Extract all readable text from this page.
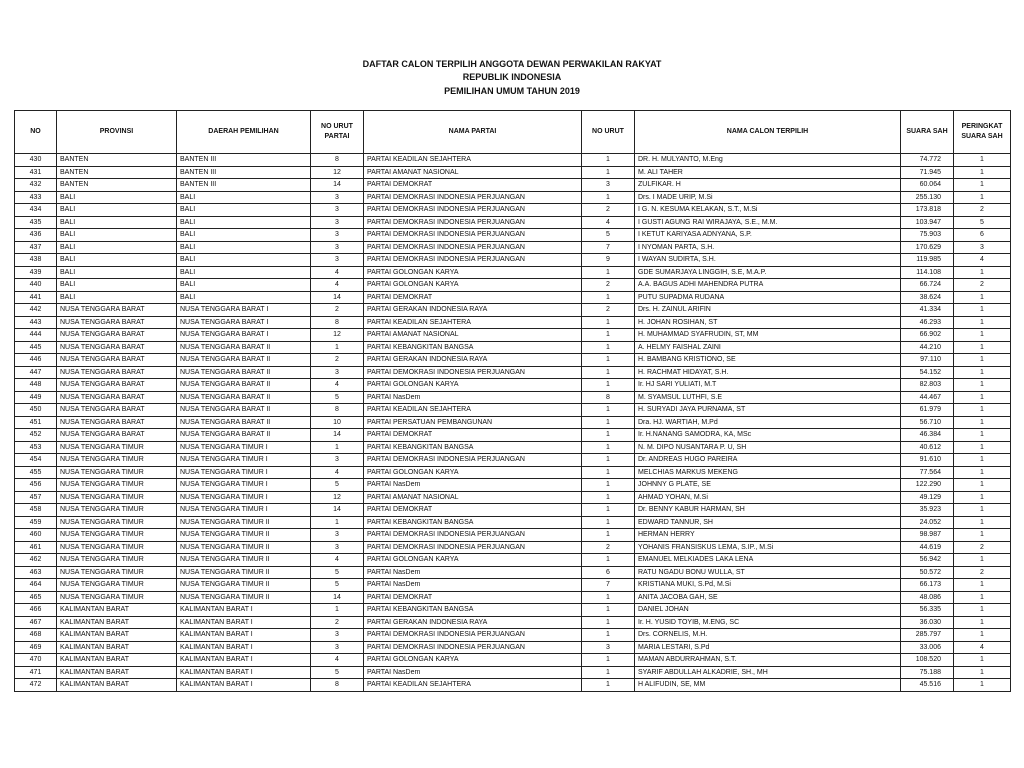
DAFTAR CALON TERPILIH ANGGOTA DEWAN PERWAKILAN RAKYAT
REPUBLIK INDONESIA
PEMILIHAN UMUM TAHUN 2019
NO	PROVINSI	DAERAH PEMILIHAN	NO URUT PARTAI	NAMA PARTAI	NO URUT	NAMA CALON TERPILIH	SUARA SAH	PERINGKAT SUARA SAH
430	BANTEN	BANTEN III	8	PARTAI KEADILAN SEJAHTERA	1	DR. H. MULYANTO, M.Eng	74.772	1
431	BANTEN	BANTEN III	12	PARTAI AMANAT NASIONAL	1	M. ALI TAHER	71.945	1
432	BANTEN	BANTEN III	14	PARTAI DEMOKRAT	3	ZULFIKAR. H	60.064	1
433	BALI	BALI	3	PARTAI DEMOKRASI INDONESIA PERJUANGAN	1	Drs. I MADE URIP, M.Si	255.130	1
434	BALI	BALI	3	PARTAI DEMOKRASI INDONESIA PERJUANGAN	2	I G. N. KESUMA KELAKAN, S.T., M.Si	173.818	2
435	BALI	BALI	3	PARTAI DEMOKRASI INDONESIA PERJUANGAN	4	I GUSTI AGUNG RAI WIRAJAYA, S.E., M.M.	103.947	5
436	BALI	BALI	3	PARTAI DEMOKRASI INDONESIA PERJUANGAN	5	I KETUT KARIYASA ADNYANA, S.P.	75.903	6
437	BALI	BALI	3	PARTAI DEMOKRASI INDONESIA PERJUANGAN	7	I NYOMAN PARTA, S.H.	170.629	3
438	BALI	BALI	3	PARTAI DEMOKRASI INDONESIA PERJUANGAN	9	I WAYAN SUDIRTA, S.H.	119.985	4
439	BALI	BALI	4	PARTAI GOLONGAN KARYA	1	GDE SUMARJAYA LINGGIH, S.E, M.A.P.	114.108	1
440	BALI	BALI	4	PARTAI GOLONGAN KARYA	2	A.A. BAGUS ADHI MAHENDRA PUTRA	66.724	2
441	BALI	BALI	14	PARTAI DEMOKRAT	1	PUTU SUPADMA RUDANA	38.624	1
442	NUSA TENGGARA BARAT	NUSA TENGGARA BARAT I	2	PARTAI GERAKAN INDONESIA RAYA	2	Drs. H. ZAINUL ARIFIN	41.334	1
443	NUSA TENGGARA BARAT	NUSA TENGGARA BARAT I	8	PARTAI KEADILAN SEJAHTERA	1	H. JOHAN ROSIHAN, ST	46.293	1
444	NUSA TENGGARA BARAT	NUSA TENGGARA BARAT I	12	PARTAI AMANAT NASIONAL	1	H. MUHAMMAD SYAFRUDIN, ST, MM	66.902	1
445	NUSA TENGGARA BARAT	NUSA TENGGARA BARAT II	1	PARTAI KEBANGKITAN BANGSA	1	A. HELMY FAISHAL ZAINI	44.210	1
446	NUSA TENGGARA BARAT	NUSA TENGGARA BARAT II	2	PARTAI GERAKAN INDONESIA RAYA	1	H. BAMBANG KRISTIONO, SE	97.110	1
447	NUSA TENGGARA BARAT	NUSA TENGGARA BARAT II	3	PARTAI DEMOKRASI INDONESIA PERJUANGAN	1	H. RACHMAT HIDAYAT, S.H.	54.152	1
448	NUSA TENGGARA BARAT	NUSA TENGGARA BARAT II	4	PARTAI GOLONGAN KARYA	1	Ir. HJ SARI YULIATI, M.T	82.803	1
449	NUSA TENGGARA BARAT	NUSA TENGGARA BARAT II	5	PARTAI NasDem	8	M. SYAMSUL LUTHFI, S.E	44.467	1
450	NUSA TENGGARA BARAT	NUSA TENGGARA BARAT II	8	PARTAI KEADILAN SEJAHTERA	1	H. SURYADI JAYA PURNAMA, ST	61.979	1
451	NUSA TENGGARA BARAT	NUSA TENGGARA BARAT II	10	PARTAI PERSATUAN PEMBANGUNAN	1	Dra. HJ. WARTIAH, M.Pd	56.710	1
452	NUSA TENGGARA BARAT	NUSA TENGGARA BARAT II	14	PARTAI DEMOKRAT	1	Ir. H.NANANG SAMODRA, KA, MSc	46.384	1
453	NUSA TENGGARA TIMUR	NUSA TENGGARA TIMUR I	1	PARTAI KEBANGKITAN BANGSA	1	N. M. DIPO NUSANTARA P. U, SH	40.612	1
454	NUSA TENGGARA TIMUR	NUSA TENGGARA TIMUR I	3	PARTAI DEMOKRASI INDONESIA PERJUANGAN	1	Dr. ANDREAS HUGO PAREIRA	91.610	1
455	NUSA TENGGARA TIMUR	NUSA TENGGARA TIMUR I	4	PARTAI GOLONGAN KARYA	1	MELCHIAS MARKUS MEKENG	77.564	1
456	NUSA TENGGARA TIMUR	NUSA TENGGARA TIMUR I	5	PARTAI NasDem	1	JOHNNY G PLATE, SE	122.290	1
457	NUSA TENGGARA TIMUR	NUSA TENGGARA TIMUR I	12	PARTAI AMANAT NASIONAL	1	AHMAD YOHAN, M.Si	49.129	1
458	NUSA TENGGARA TIMUR	NUSA TENGGARA TIMUR I	14	PARTAI DEMOKRAT	1	Dr. BENNY KABUR HARMAN, SH	35.923	1
459	NUSA TENGGARA TIMUR	NUSA TENGGARA TIMUR II	1	PARTAI KEBANGKITAN BANGSA	1	EDWARD TANNUR, SH	24.052	1
460	NUSA TENGGARA TIMUR	NUSA TENGGARA TIMUR II	3	PARTAI DEMOKRASI INDONESIA PERJUANGAN	1	HERMAN HERRY	98.987	1
461	NUSA TENGGARA TIMUR	NUSA TENGGARA TIMUR II	3	PARTAI DEMOKRASI INDONESIA PERJUANGAN	2	YOHANIS FRANSISKUS LEMA, S.IP., M.Si	44.619	2
462	NUSA TENGGARA TIMUR	NUSA TENGGARA TIMUR II	4	PARTAI GOLONGAN KARYA	1	EMANUEL MELKIADES LAKA LENA	56.942	1
463	NUSA TENGGARA TIMUR	NUSA TENGGARA TIMUR II	5	PARTAI NasDem	6	RATU NGADU BONU WULLA, ST	50.572	2
464	NUSA TENGGARA TIMUR	NUSA TENGGARA TIMUR II	5	PARTAI NasDem	7	KRISTIANA MUKI, S.Pd, M.Si	66.173	1
465	NUSA TENGGARA TIMUR	NUSA TENGGARA TIMUR II	14	PARTAI DEMOKRAT	1	ANITA JACOBA GAH, SE	48.086	1
466	KALIMANTAN BARAT	KALIMANTAN BARAT I	1	PARTAI KEBANGKITAN BANGSA	1	DANIEL JOHAN	56.335	1
467	KALIMANTAN BARAT	KALIMANTAN BARAT I	2	PARTAI GERAKAN INDONESIA RAYA	1	Ir. H. YUSID TOYIB, M.ENG, SC	36.030	1
468	KALIMANTAN BARAT	KALIMANTAN BARAT I	3	PARTAI DEMOKRASI INDONESIA PERJUANGAN	1	Drs. CORNELIS, M.H.	285.797	1
469	KALIMANTAN BARAT	KALIMANTAN BARAT I	3	PARTAI DEMOKRASI INDONESIA PERJUANGAN	3	MARIA LESTARI, S.Pd	33.006	4
470	KALIMANTAN BARAT	KALIMANTAN BARAT I	4	PARTAI GOLONGAN KARYA	1	MAMAN ABDURRAHMAN, S.T.	108.520	1
471	KALIMANTAN BARAT	KALIMANTAN BARAT I	5	PARTAI NasDem	1	SYARIF ABDULLAH ALKADRIE, SH., MH	75.188	1
472	KALIMANTAN BARAT	KALIMANTAN BARAT I	8	PARTAI KEADILAN SEJAHTERA	1	H ALIFUDIN, SE, MM	45.516	1
